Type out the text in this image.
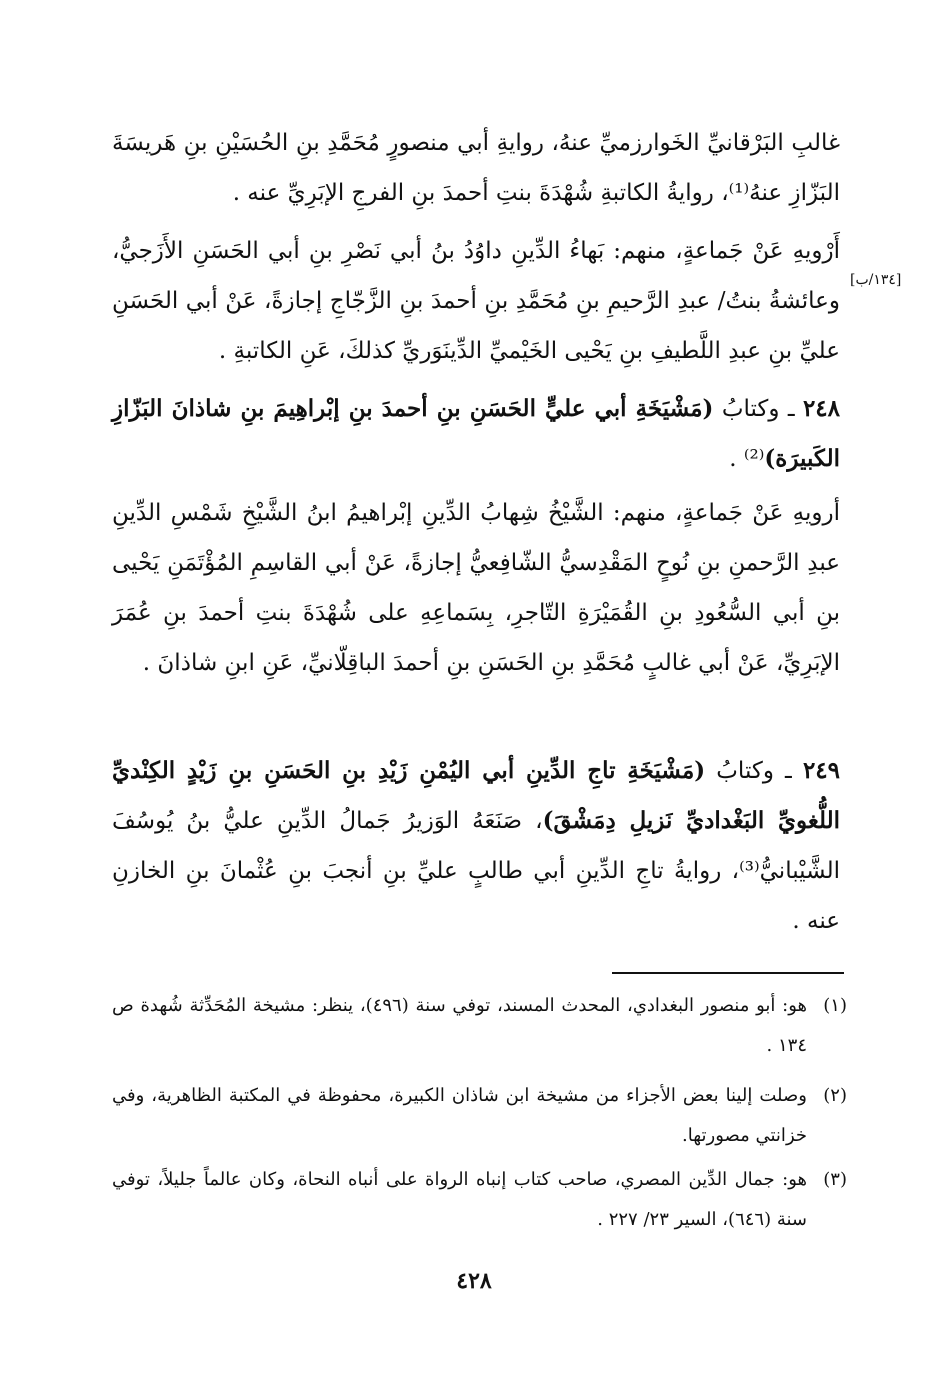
غالبِ البَرْقانيِّ الخَوارزميِّ عنهُ، روايةِ أبي منصورٍ مُحَمَّدِ بنِ الحُسَيْنِ بنِ هَريسَةَ البَزّازِ عنهُ⁽¹⁾، روايةُ الكاتبةِ شُهْدَةَ بنتِ أحمدَ بنِ الفرجِ الإبَرِيِّ عنه .

أَرْويهِ عَنْ جَماعةٍ، منهم: بَهاءُ الدِّينِ داوُدُ بنُ أبي نَصْرِ بنِ أبي الحَسَنِ الأَزَجيُّ، وعائشةُ بنتُ/ عبدِ الرَّحيمِ بنِ مُحَمَّدِ بنِ أحمدَ بنِ الزَّجّاجِ إجازةً، عَنْ أبي الحَسَنِ عليِّ بنِ عبدِ اللَّطيفِ بنِ يَحْيى الخَيْميِّ الدِّينَوَريِّ كذلكَ، عَنِ الكاتبةِ .

[١٣٤/ب]

٢٤٨ ـ وكتابُ (مَشْيَخَةِ أبي عليٍّ الحَسَنِ بنِ أحمدَ بنِ إبْراهِيمَ بنِ شاذانَ البَزّازِ الكَبيرَة)⁽²⁾ .

أرويهِ عَنْ جَماعةٍ، منهم: الشَّيْخُ شِهابُ الدِّينِ إبْراهيمُ ابنُ الشَّيْخِ شَمْسِ الدِّينِ عبدِ الرَّحمنِ بنِ نُوحٍ المَقْدِسيُّ الشّافِعيُّ إجازةً، عَنْ أبي القاسِمِ المُؤْتَمَنِ يَحْيى بنِ أبي السُّعُودِ بنِ القُمَيْرَةِ التّاجرِ، بِسَماعِهِ على شُهْدَةَ بنتِ أحمدَ بنِ عُمَرَ الإبَرِيِّ، عَنْ أبي غالبٍ مُحَمَّدِ بنِ الحَسَنِ بنِ أحمدَ الباقِلّانيِّ، عَنِ ابنِ شاذانَ .

٢٤٩ ـ وكتابُ (مَشْيَخَةِ تاجِ الدِّينِ أبي اليُمْنِ زَيْدِ بنِ الحَسَنِ بنِ زَيْدٍ الكِنْديِّ اللُّغويِّ البَغْداديِّ نَزيلِ دِمَشْقَ)، صَنَعَهُ الوَزيرُ جَمالُ الدِّينِ عليُّ بنُ يُوسُفَ الشَّيْبانيُّ⁽³⁾، روايةُ تاجِ الدِّينِ أبي طالبٍ عليِّ بنِ أنجبَ بنِ عُثْمانَ بنِ الخازنِ عنه .

(١)
هو: أبو منصور البغدادي، المحدث المسند، توفي سنة (٤٩٦)، ينظر: مشيخة المُحَدِّثة شُهدة ص ١٣٤ .
(٢)
وصلت إلينا بعض الأجزاء من مشيخة ابن شاذان الكبيرة، محفوظة في المكتبة الظاهرية، وفي خزانتي مصورتها.
(٣)
هو: جمال الدِّين المصري، صاحب كتاب إنباه الرواة على أنباه النحاة، وكان عالماً جليلاً، توفي سنة (٦٤٦)، السير ٢٣/ ٢٢٧ .
٤٢٨
